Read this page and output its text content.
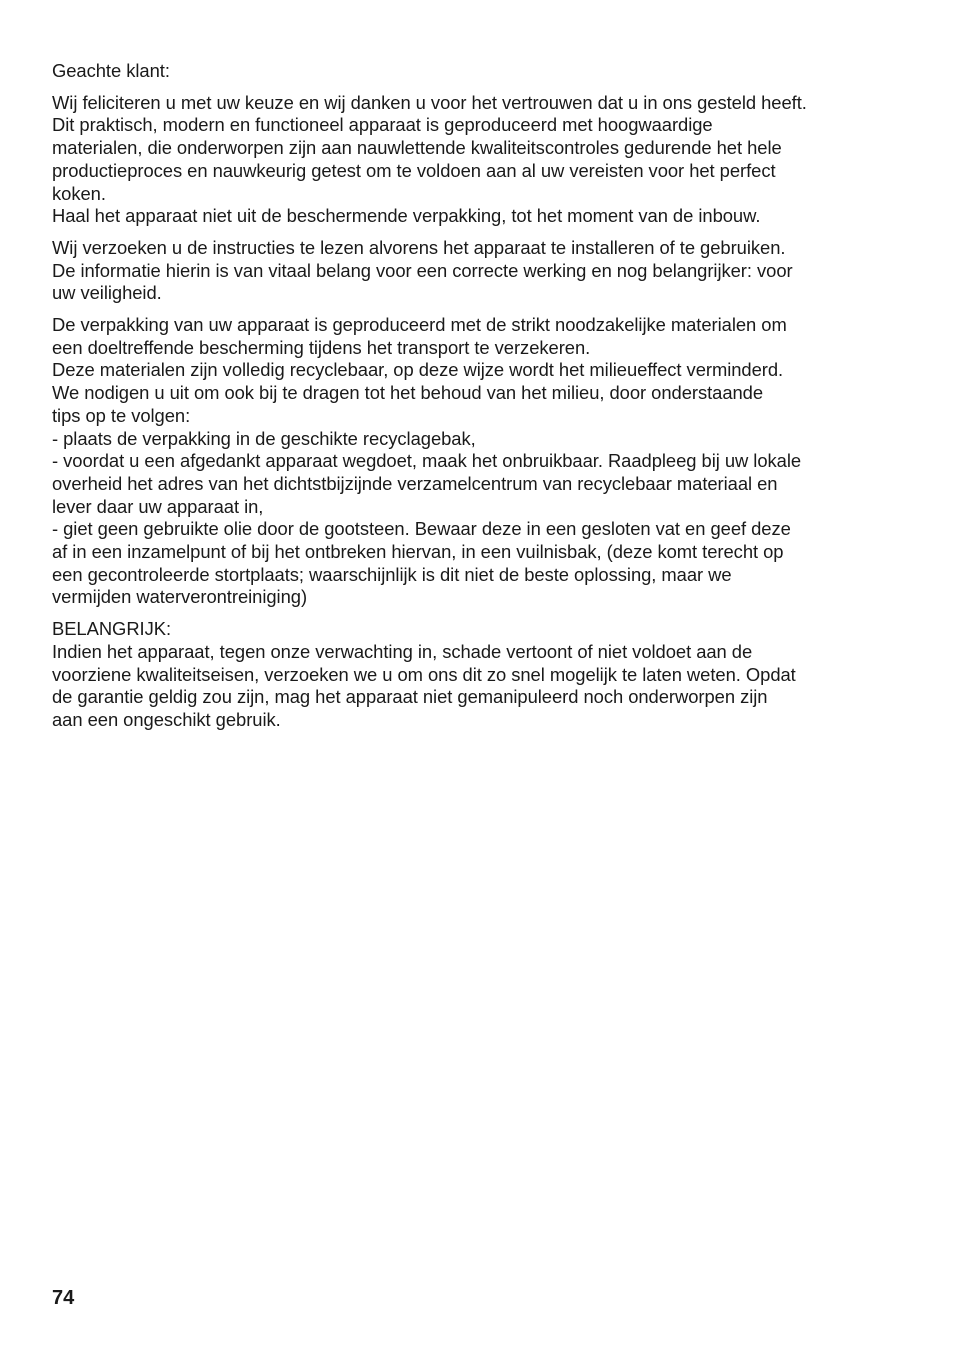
Geachte klant:
Wij feliciteren u met uw keuze en wij danken u voor het vertrouwen dat u in ons gesteld heeft.
Dit praktisch, modern en functioneel apparaat is geproduceerd met hoogwaardige
materialen, die onderworpen zijn aan nauwlettende kwaliteitscontroles gedurende het hele
productieproces en nauwkeurig getest om te voldoen aan al uw vereisten voor het perfect
koken.
Haal het apparaat niet uit de beschermende verpakking, tot het moment van de inbouw.
Wij verzoeken u de instructies te lezen alvorens het apparaat te installeren of te gebruiken.
De informatie hierin is van vitaal belang voor een correcte werking en nog belangrijker: voor
uw veiligheid.
De verpakking van uw apparaat is geproduceerd met de strikt noodzakelijke materialen om
een doeltreffende bescherming tijdens het transport te verzekeren.
Deze materialen zijn volledig recyclebaar, op deze wijze wordt het milieueffect verminderd.
We nodigen u uit om ook bij te dragen tot het behoud van het milieu, door onderstaande
tips op te volgen:
- plaats de verpakking in de geschikte recyclagebak,
- voordat u een afgedankt apparaat wegdoet, maak het onbruikbaar. Raadpleeg bij uw lokale
overheid het adres van het dichtstbijzijnde verzamelcentrum van recyclebaar materiaal en
lever daar uw apparaat in,
- giet geen gebruikte olie door de gootsteen. Bewaar deze in een gesloten vat en geef deze
af in een inzamelpunt of bij het ontbreken hiervan, in een vuilnisbak, (deze komt terecht op
een gecontroleerde stortplaats; waarschijnlijk is dit niet de beste oplossing, maar we
vermijden waterverontreiniging)
BELANGRIJK:
Indien het apparaat, tegen onze verwachting in, schade vertoont of niet voldoet aan de
voorziene kwaliteitseisen, verzoeken we u om ons dit zo snel mogelijk te laten weten. Opdat
de garantie geldig zou zijn, mag het apparaat niet gemanipuleerd noch onderworpen zijn
aan een ongeschikt gebruik.
74
